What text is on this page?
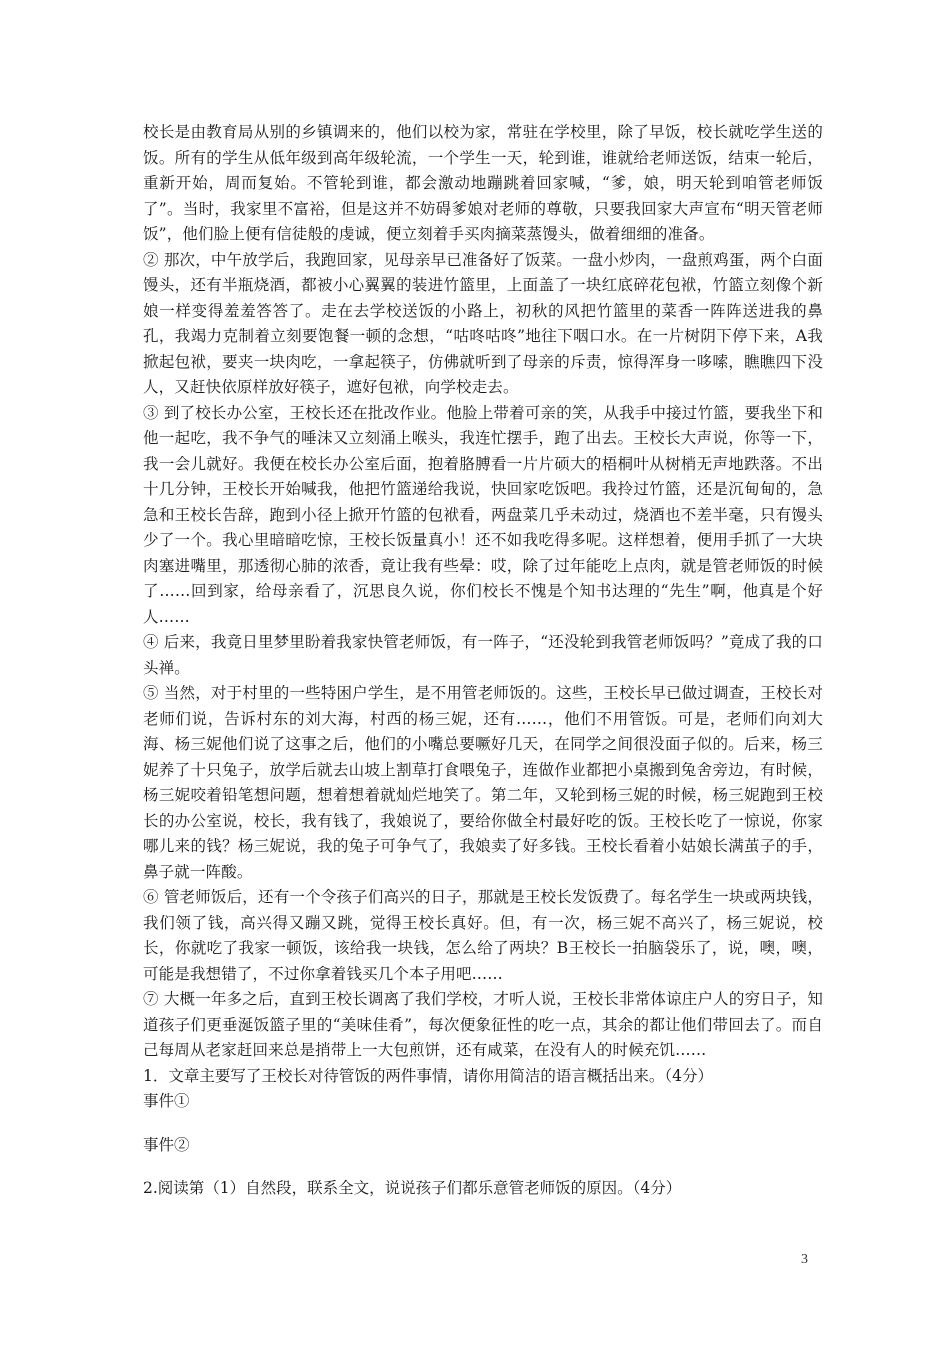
校长是由教育局从别的乡镇调来的，他们以校为家，常驻在学校里，除了早饭，校长就吃学生送的饭。所有的学生从低年级到高年级轮流，一个学生一天，轮到谁，谁就给老师送饭，结束一轮后，重新开始，周而复始。不管轮到谁，都会激动地蹦跳着回家喊，“爹，娘，明天轮到咱管老师饭了”。当时，我家里不富裕，但是这并不妨碍爹娘对老师的尊敬，只要我回家大声宣布“明天管老师饭”，他们脸上便有信徒般的虔诚，便立刻着手买肉摘菜蒸馒头，做着细细的准备。

② 那次，中午放学后，我跑回家，见母亲早已准备好了饭菜。一盘小炒肉，一盘煎鸡蛋，两个白面馒头，还有半瓶烧酒，都被小心翼翼的装进竹篮里，上面盖了一块红底碎花包袱，竹篮立刻像个新娘一样变得羞羞答答了。走在去学校送饭的小路上，初秋的风把竹篮里的菜香一阵阵送进我的鼻孔，我竭力克制着立刻要饱餐一顿的念想，“咕咚咕咚”地往下咽口水。在一片树阴下停下来，A我掀起包袱，要夹一块肉吃，一拿起筷子，仿佛就听到了母亲的斥责，惊得浑身一哆嗦，瞧瞧四下没人，又赶快依原样放好筷子，遮好包袱，向学校走去。

③ 到了校长办公室，王校长还在批改作业。他脸上带着可亲的笑，从我手中接过竹篮，要我坐下和他一起吃，我不争气的唾沫又立刻涌上喉头，我连忙摆手，跑了出去。王校长大声说，你等一下，我一会儿就好。我便在校长办公室后面，抱着胳膊看一片片硕大的梧桐叶从树梢无声地跌落。不出十几分钟，王校长开始喊我，他把竹篮递给我说，快回家吃饭吧。我拎过竹篮，还是沉甸甸的，急急和王校长告辞，跑到小径上掀开竹篮的包袱看，两盘菜几乎未动过，烧酒也不差半毫，只有馒头少了一个。我心里暗暗吃惊，王校长饭量真小！还不如我吃得多呢。这样想着，便用手抓了一大块肉塞进嘴里，那透彻心肺的浓香，竟让我有些晕：哎，除了过年能吃上点肉，就是管老师饭的时候了……回到家，给母亲看了，沉思良久说，你们校长不愧是个知书达理的“先生”啊，他真是个好人……

④ 后来，我竟日里梦里盼着我家快管老师饭，有一阵子，“还没轮到我管老师饭吗？”竟成了我的口头禅。

⑤ 当然，对于村里的一些特困户学生，是不用管老师饭的。这些，王校长早已做过调查，王校长对老师们说，告诉村东的刘大海，村西的杨三妮，还有……，他们不用管饭。可是，老师们向刘大海、杨三妮他们说了这事之后，他们的小嘴总要噘好几天，在同学之间很没面子似的。后来，杨三妮养了十只兔子，放学后就去山坡上割草打食喂兔子，连做作业都把小桌搬到兔舍旁边，有时候，杨三妮咬着铅笔想问题，想着想着就灿烂地笑了。第二年，又轮到杨三妮的时候，杨三妮跑到王校长的办公室说，校长，我有钱了，我娘说了，要给你做全村最好吃的饭。王校长吃了一惊说，你家哪儿来的钱？杨三妮说，我的兔子可争气了，我娘卖了好多钱。王校长看着小姑娘长满茧子的手，鼻子就一阵酸。

⑥ 管老师饭后，还有一个令孩子们高兴的日子，那就是王校长发饭费了。每名学生一块或两块钱，我们领了钱，高兴得又蹦又跳，觉得王校长真好。但，有一次，杨三妮不高兴了，杨三妮说，校长，你就吃了我家一顿饭，该给我一块钱，怎么给了两块？B王校长一拍脑袋乐了，说，噢，噢，可能是我想错了，不过你拿着钱买几个本子用吧……

⑦ 大概一年多之后，直到王校长调离了我们学校，才听人说，王校长非常体谅庄户人的穷日子，知道孩子们更垂涎饭篮子里的“美味佳肴”，每次便象征性的吃一点，其余的都让他们带回去了。而自己每周从老家赶回来总是捎带上一大包煎饼，还有咸菜，在没有人的时候充饥……

1．文章主要写了王校长对待管饭的两件事情，请你用简洁的语言概括出来。（4分）

事件①

事件②

2.阅读第（1）自然段，联系全文，说说孩子们都乐意管老师饭的原因。（4分）

3
